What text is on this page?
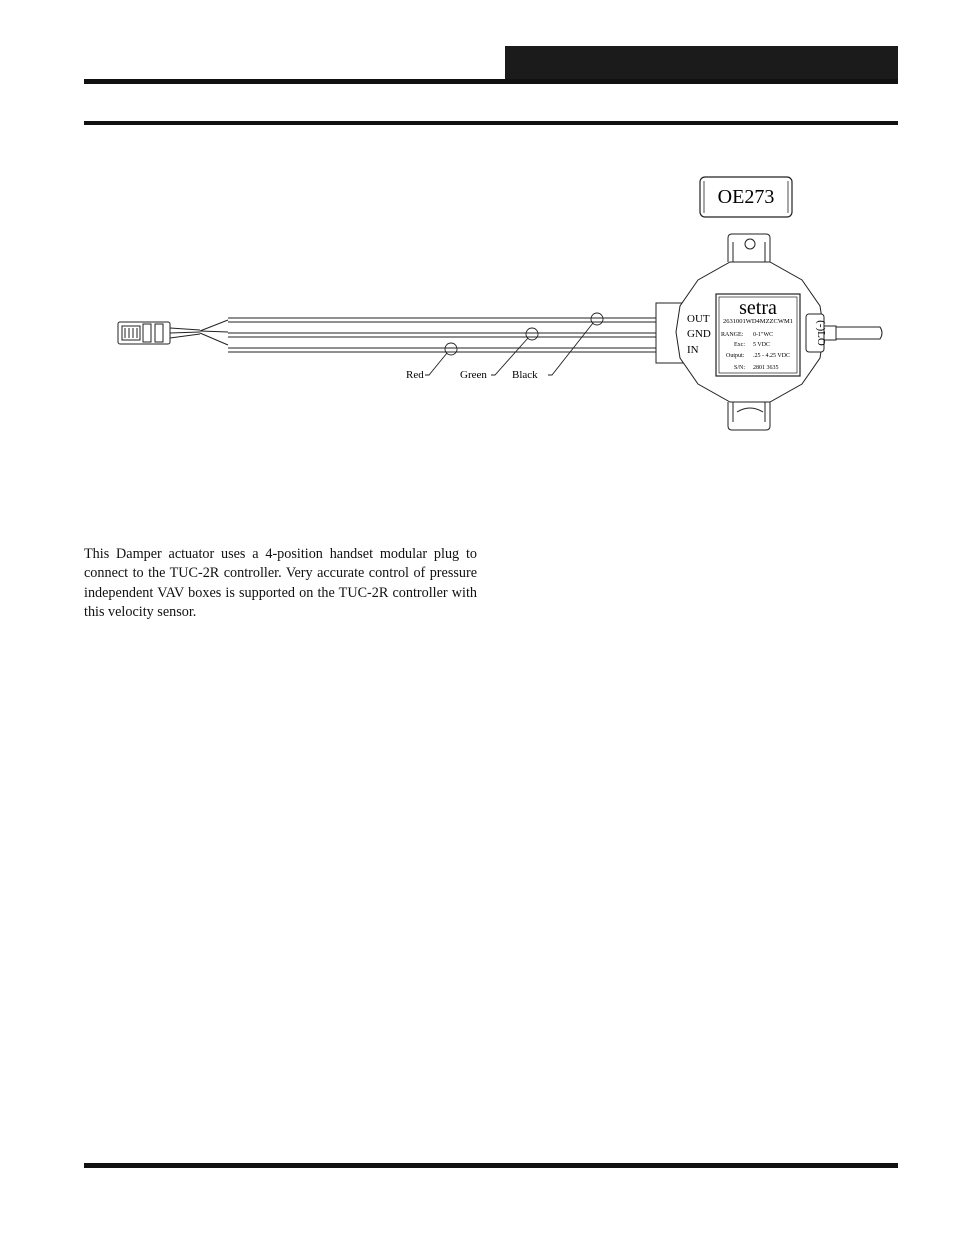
OE273
Red	Green Black
OUT
GND
IN
setra
2631001WD4MZZCWM1
RANGE: 0-1"WC
Exc: 5 VDC
Output: .25 - 4.25 VDC
S/N: 2801 3635
(-)LO

This Damper actuator uses a 4-position handset modular plug to connect to the TUC-2R controller. Very accurate control of pressure independent VAV boxes is supported on the TUC-2R controller with this velocity sensor.
